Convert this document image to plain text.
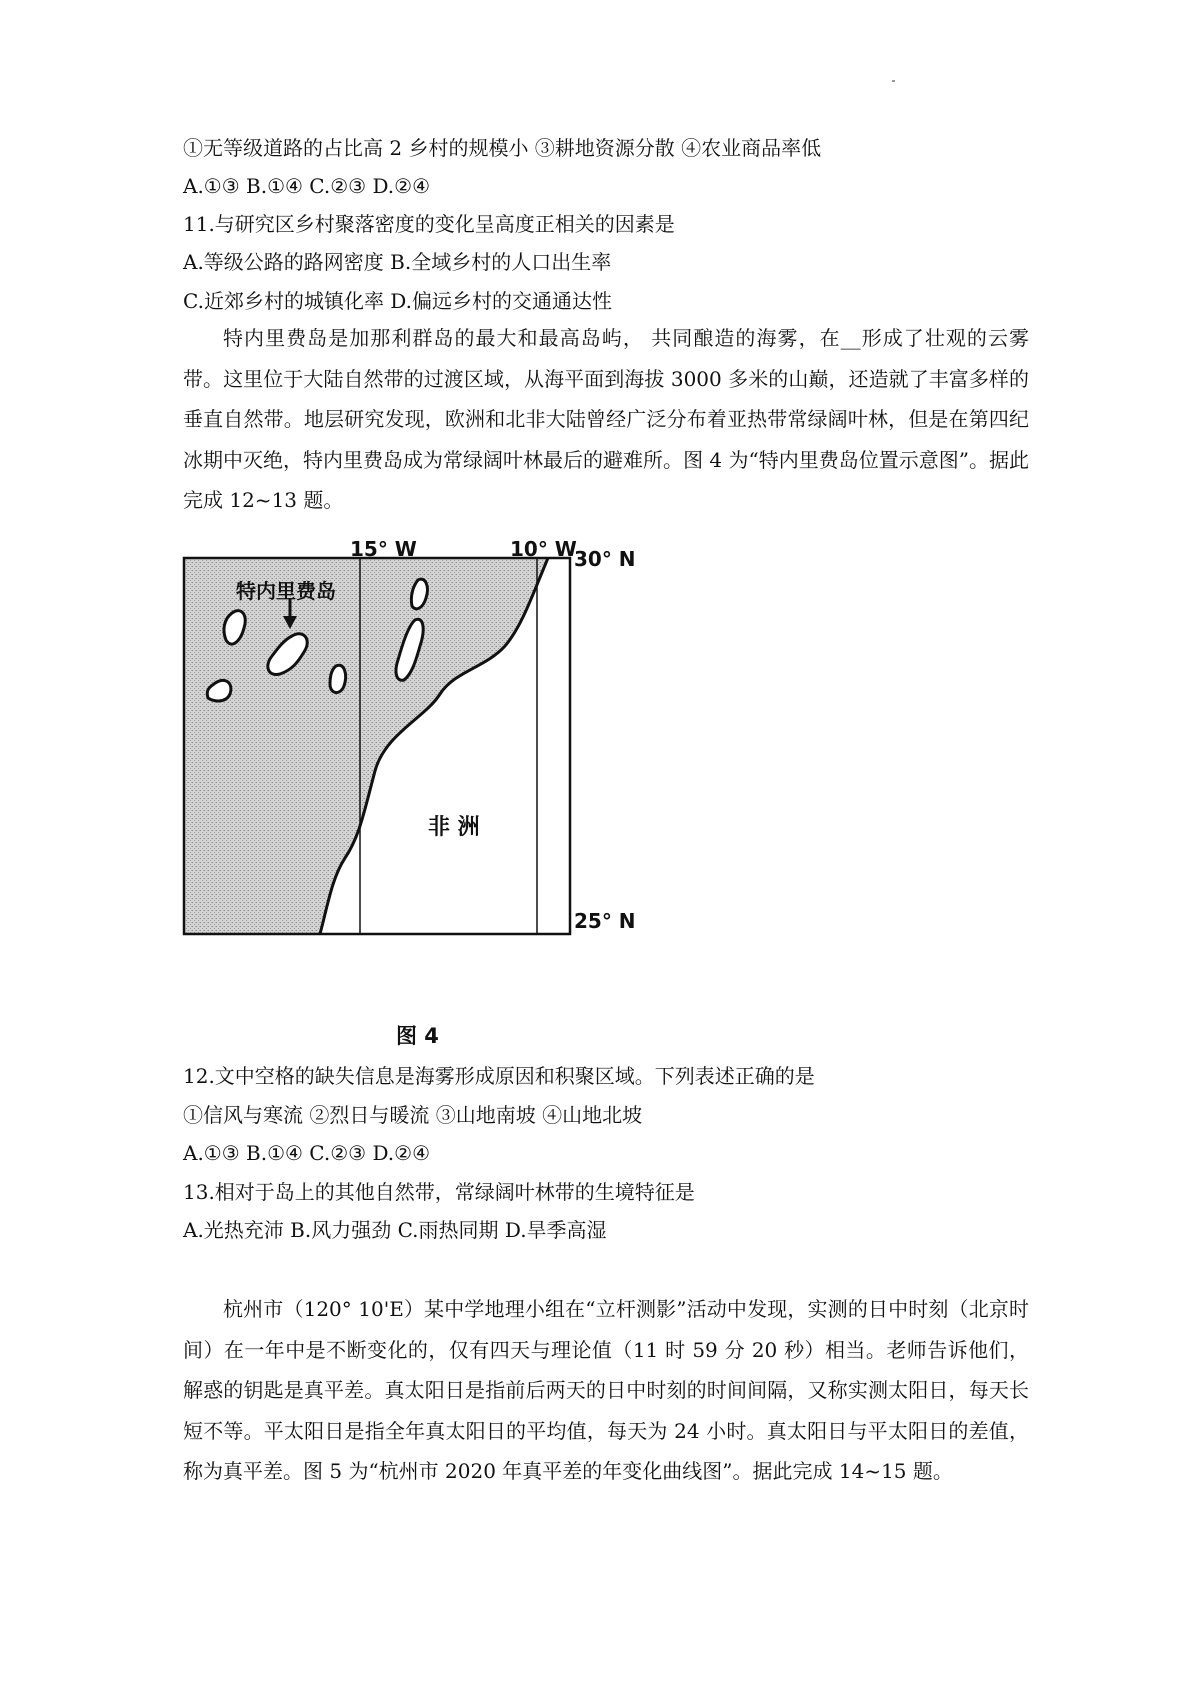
①无等级道路的占比高 2 乡村的规模小 ③耕地资源分散 ④农业商品率低
A.①③ B.①④ C.②③ D.②④
11.与研究区乡村聚落密度的变化呈高度正相关的因素是
A.等级公路的路网密度 B.全域乡村的人口出生率
C.近郊乡村的城镇化率 D.偏远乡村的交通通达性

特内里费岛是加那利群岛的最大和最高岛屿， 共同酿造的海雾，在__形成了壮观的云雾带。这里位于大陆自然带的过渡区域，从海平面到海拔 3000 多米的山巅，还造就了丰富多样的垂直自然带。地层研究发现，欧洲和北非大陆曾经广泛分布着亚热带常绿阔叶林，但是在第四纪冰期中灭绝，特内里费岛成为常绿阔叶林最后的避难所。图 4 为“特内里费岛位置示意图”。据此完成 12~13 题。

15° W	10° W
30° N
25° N
特内里费岛
非 洲
图 4
12.文中空格的缺失信息是海雾形成原因和积聚区域。下列表述正确的是
①信风与寒流 ②烈日与暖流 ③山地南坡 ④山地北坡
A.①③ B.①④ C.②③ D.②④
13.相对于岛上的其他自然带，常绿阔叶林带的生境特征是
A.光热充沛 B.风力强劲 C.雨热同期 D.旱季高湿

杭州市（120° 10'E）某中学地理小组在“立杆测影”活动中发现，实测的日中时刻（北京时间）在一年中是不断变化的，仅有四天与理论值（11 时 59 分 20 秒）相当。老师告诉他们，解惑的钥匙是真平差。真太阳日是指前后两天的日中时刻的时间间隔，又称实测太阳日，每天长短不等。平太阳日是指全年真太阳日的平均值，每天为 24 小时。真太阳日与平太阳日的差值，称为真平差。图 5 为“杭州市 2020 年真平差的年变化曲线图”。据此完成 14~15 题。
